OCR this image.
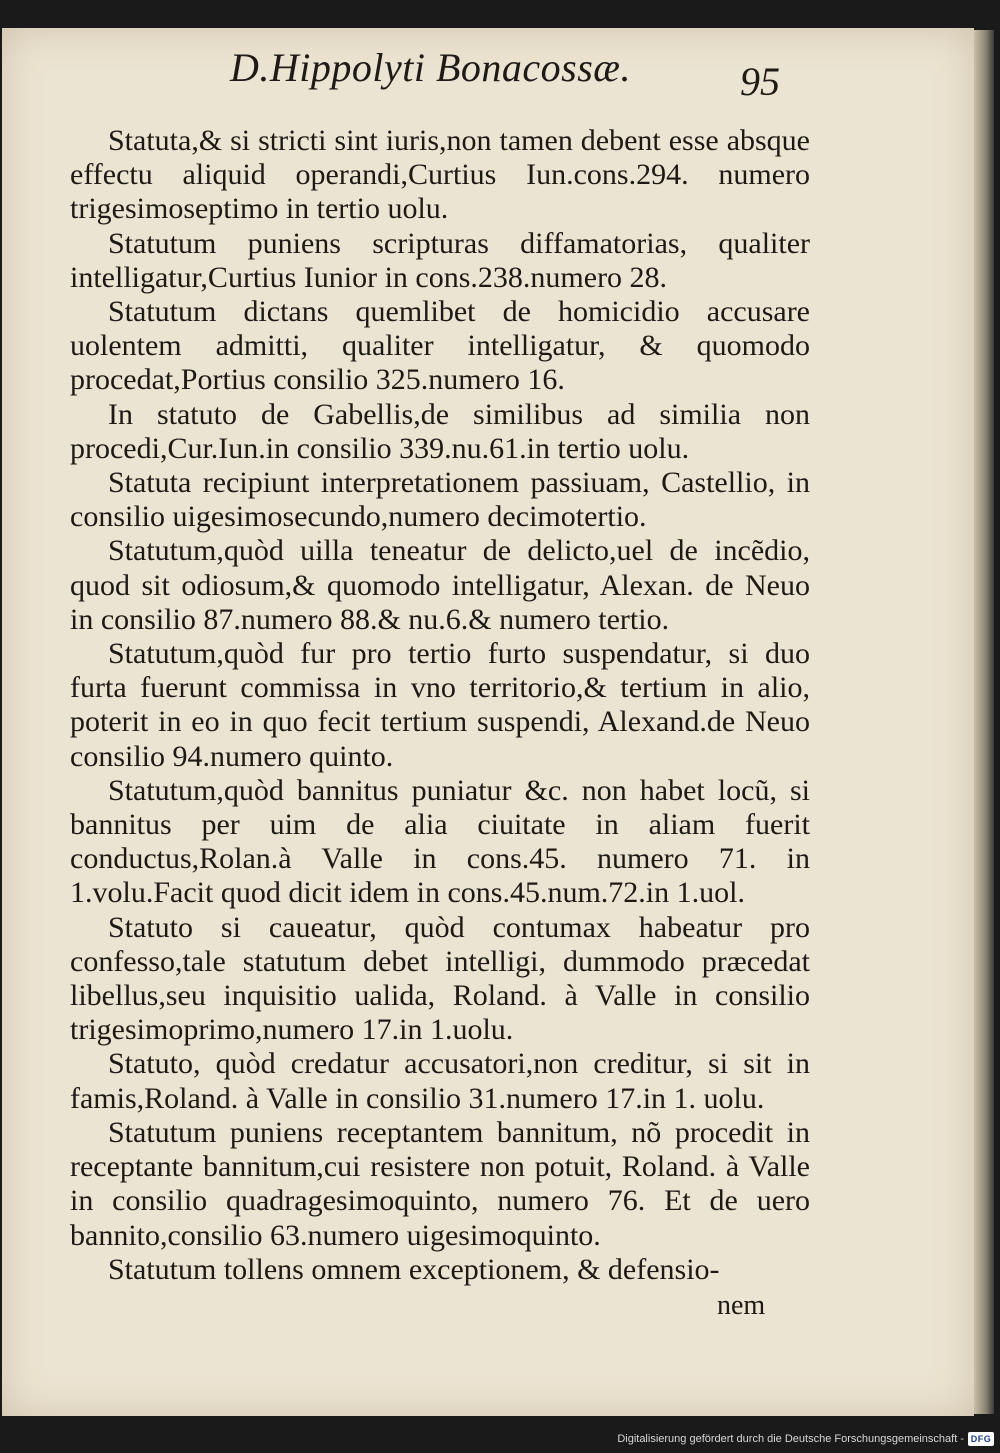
D.Hippolyti Bonacossæ.	95

Statuta,& si stricti sint iuris,non tamen debent esse absque effectu aliquid operandi,Curtius Iun.cons.294. numero trigesimoseptimo in tertio uolu.

Statutum puniens scripturas diffamatorias, qualiter intelligatur,Curtius Iunior in cons.238.numero 28.

Statutum dictans quemlibet de homicidio accusare uolentem admitti, qualiter intelligatur, & quomodo procedat,Portius consilio 325.numero 16.

In statuto de Gabellis,de similibus ad similia non procedi,Cur.Iun.in consilio 339.nu.61.in tertio uolu.

Statuta recipiunt interpretationem passiuam, Castellio, in consilio uigesimosecundo,numero decimotertio.

Statutum,quòd uilla teneatur de delicto,uel de incẽdio, quod sit odiosum,& quomodo intelligatur, Alexan. de Neuo in consilio 87.numero 88.& nu.6.& numero tertio.

Statutum,quòd fur pro tertio furto suspendatur, si duo furta fuerunt commissa in vno territorio,& tertium in alio, poterit in eo in quo fecit tertium suspendi, Alexand.de Neuo consilio 94.numero quinto.

Statutum,quòd bannitus puniatur &c. non habet locũ, si bannitus per uim de alia ciuitate in aliam fuerit conductus,Rolan.à Valle in cons.45. numero 71. in 1.volu.Facit quod dicit idem in cons.45.num.72.in 1.uol.

Statuto si caueatur, quòd contumax habeatur pro confesso,tale statutum debet intelligi, dummodo præcedat libellus,seu inquisitio ualida, Roland. à Valle in consilio trigesimoprimo,numero 17.in 1.uolu.

Statuto, quòd credatur accusatori,non creditur, si sit in famis,Roland. à Valle in consilio 31.numero 17.in 1. uolu.

Statutum puniens receptantem bannitum, nõ procedit in receptante bannitum,cui resistere non potuit, Roland. à Valle in consilio quadragesimoquinto, numero 76. Et de uero bannito,consilio 63.numero uigesimoquinto.

Statutum tollens omnem exceptionem, & defensio-

nem
Digitalisierung gefördert durch die Deutsche Forschungsgemeinschaft - DFG
